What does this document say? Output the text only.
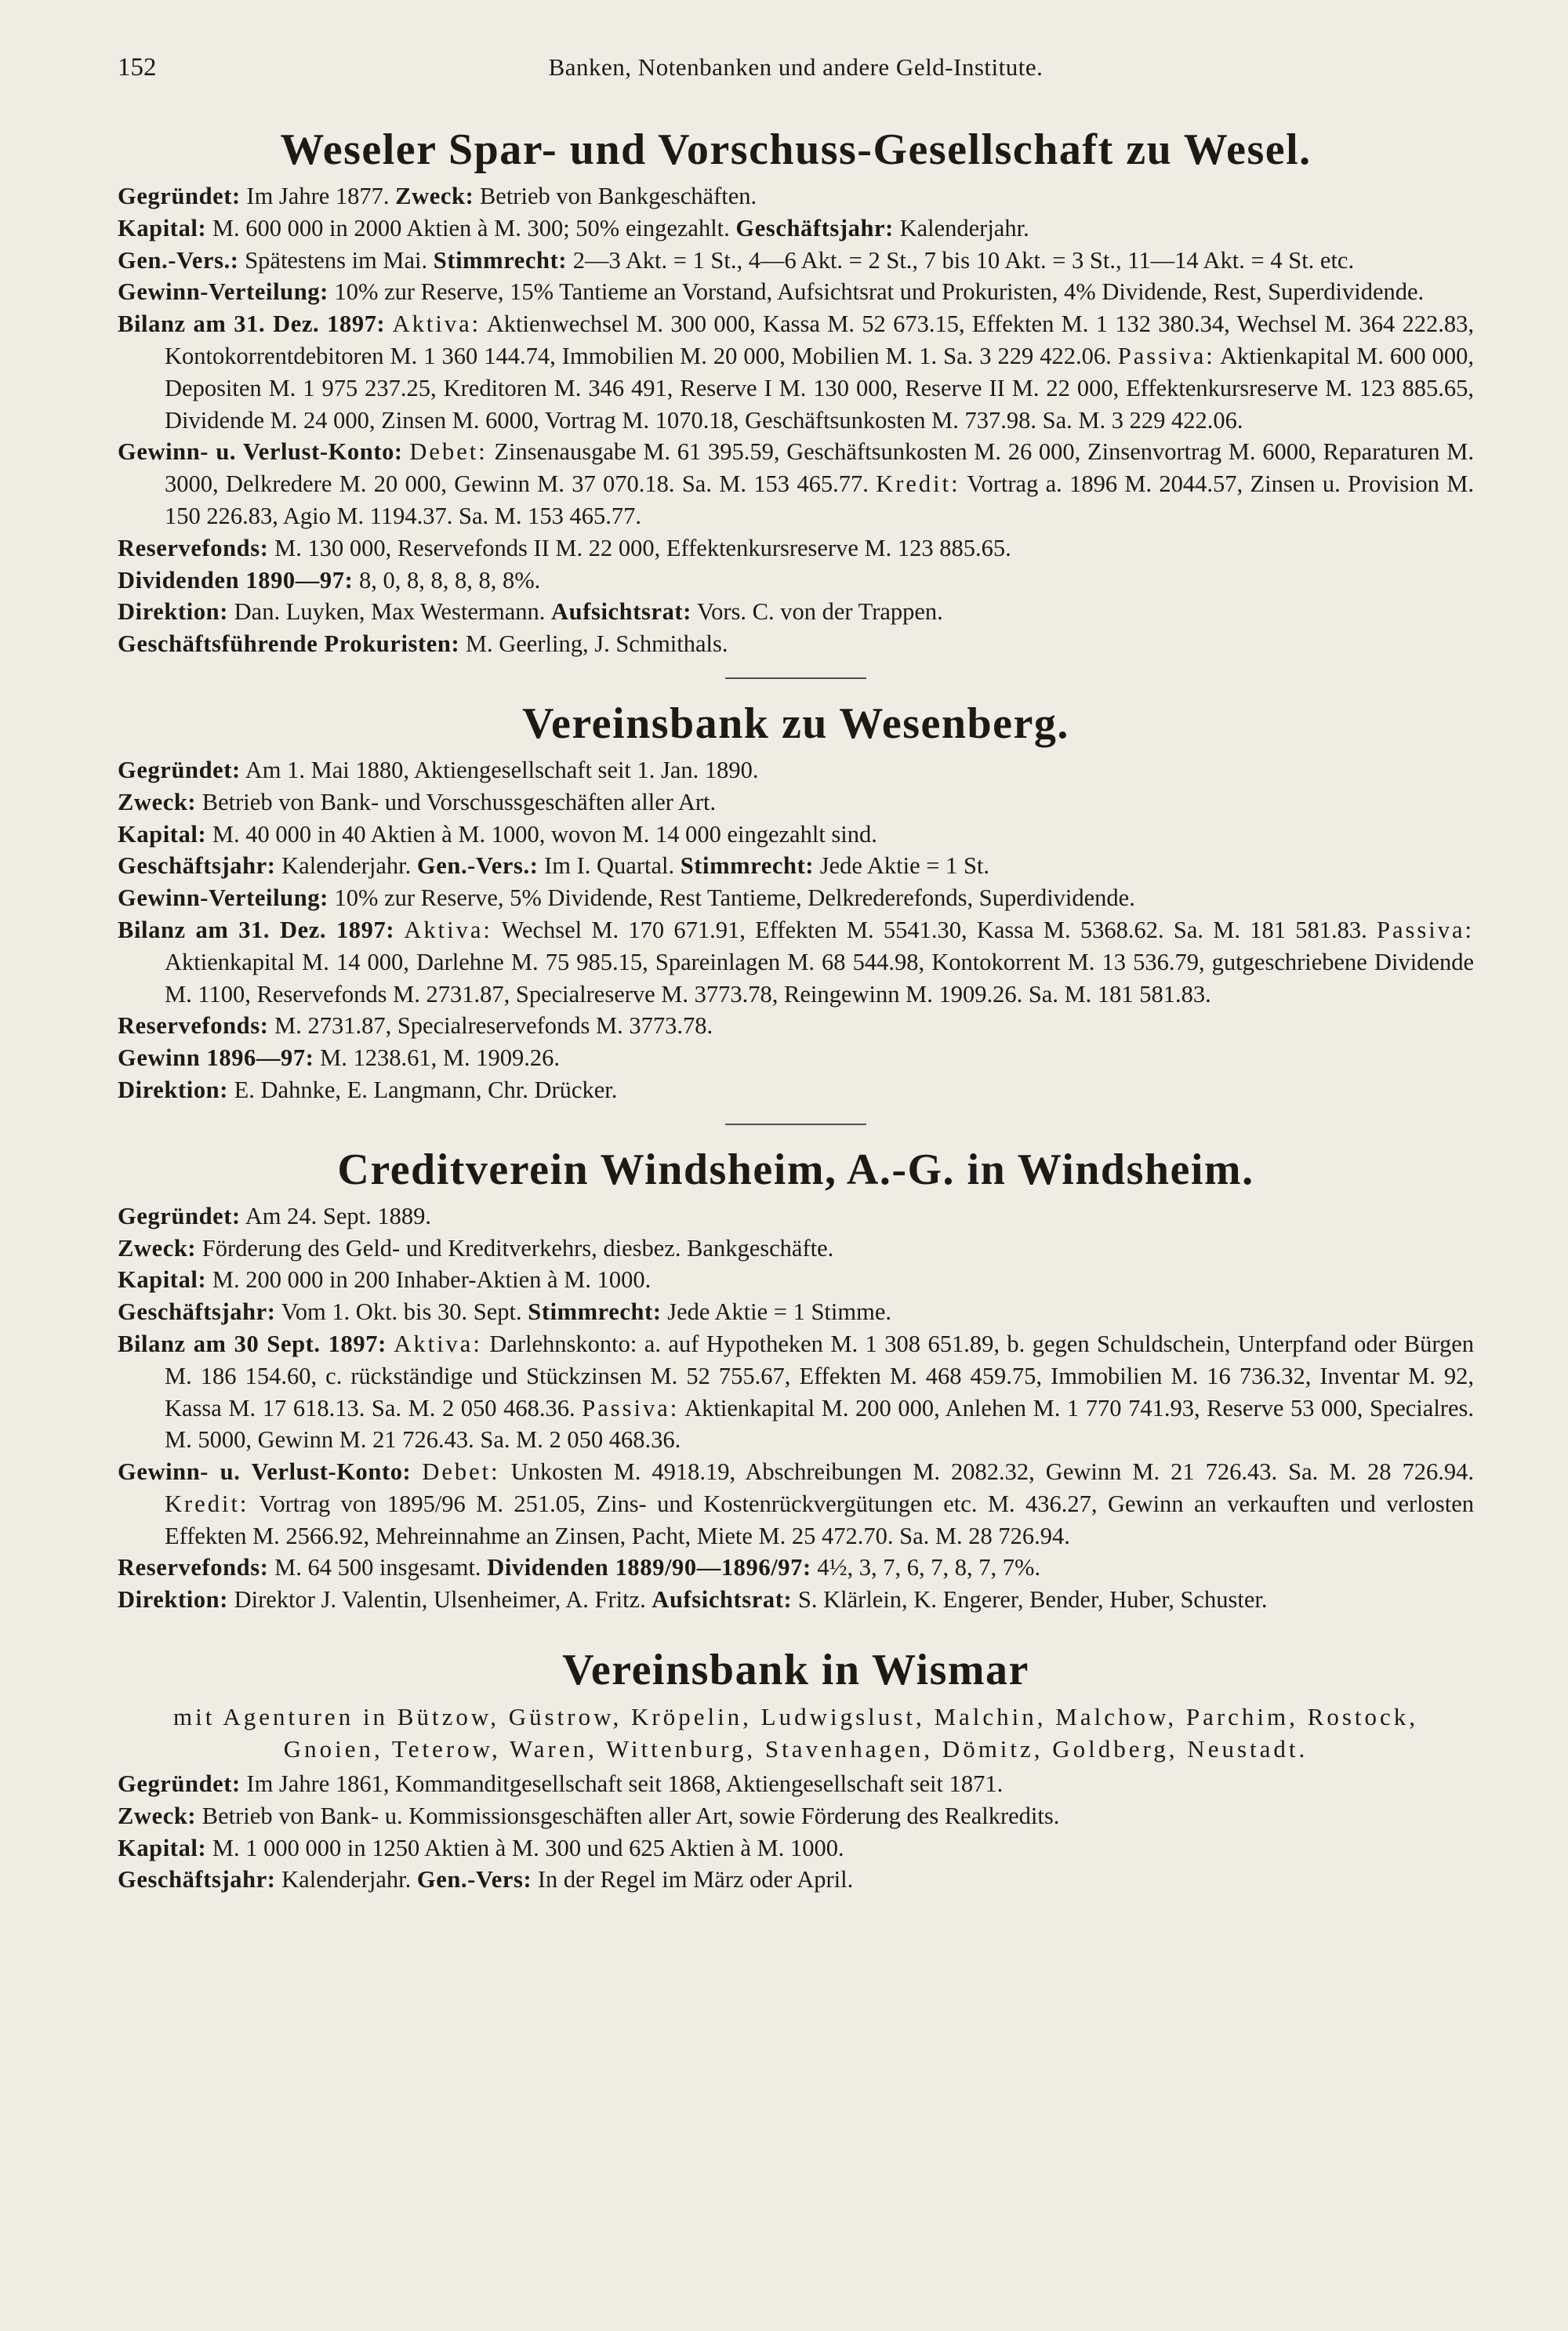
152	Banken, Notenbanken und andere Geld-Institute.
Weseler Spar- und Vorschuss-Gesellschaft zu Wesel.

Gegründet: Im Jahre 1877. Zweck: Betrieb von Bankgeschäften.

Kapital: M. 600 000 in 2000 Aktien à M. 300; 50% eingezahlt. Geschäftsjahr: Kalenderjahr.

Gen.-Vers.: Spätestens im Mai. Stimmrecht: 2—3 Akt. = 1 St., 4—6 Akt. = 2 St., 7 bis 10 Akt. = 3 St., 11—14 Akt. = 4 St. etc.

Gewinn-Verteilung: 10% zur Reserve, 15% Tantieme an Vorstand, Aufsichtsrat und Prokuristen, 4% Dividende, Rest, Superdividende.

Bilanz am 31. Dez. 1897: Aktiva: Aktienwechsel M. 300 000, Kassa M. 52 673.15, Effekten M. 1 132 380.34, Wechsel M. 364 222.83, Kontokorrentdebitoren M. 1 360 144.74, Immobilien M. 20 000, Mobilien M. 1. Sa. 3 229 422.06. Passiva: Aktienkapital M. 600 000, Depositen M. 1 975 237.25, Kreditoren M. 346 491, Reserve I M. 130 000, Reserve II M. 22 000, Effektenkursreserve M. 123 885.65, Dividende M. 24 000, Zinsen M. 6000, Vortrag M. 1070.18, Geschäftsunkosten M. 737.98. Sa. M. 3 229 422.06.

Gewinn- u. Verlust-Konto: Debet: Zinsenausgabe M. 61 395.59, Geschäftsunkosten M. 26 000, Zinsenvortrag M. 6000, Reparaturen M. 3000, Delkredere M. 20 000, Gewinn M. 37 070.18. Sa. M. 153 465.77. Kredit: Vortrag a. 1896 M. 2044.57, Zinsen u. Provision M. 150 226.83, Agio M. 1194.37. Sa. M. 153 465.77.

Reservefonds: M. 130 000, Reservefonds II M. 22 000, Effektenkursreserve M. 123 885.65.

Dividenden 1890—97: 8, 0, 8, 8, 8, 8, 8%.

Direktion: Dan. Luyken, Max Westermann. Aufsichtsrat: Vors. C. von der Trappen.

Geschäftsführende Prokuristen: M. Geerling, J. Schmithals.

Vereinsbank zu Wesenberg.

Gegründet: Am 1. Mai 1880, Aktiengesellschaft seit 1. Jan. 1890.

Zweck: Betrieb von Bank- und Vorschussgeschäften aller Art.

Kapital: M. 40 000 in 40 Aktien à M. 1000, wovon M. 14 000 eingezahlt sind.

Geschäftsjahr: Kalenderjahr. Gen.-Vers.: Im I. Quartal. Stimmrecht: Jede Aktie = 1 St.

Gewinn-Verteilung: 10% zur Reserve, 5% Dividende, Rest Tantieme, Delkrederefonds, Superdividende.

Bilanz am 31. Dez. 1897: Aktiva: Wechsel M. 170 671.91, Effekten M. 5541.30, Kassa M. 5368.62. Sa. M. 181 581.83. Passiva: Aktienkapital M. 14 000, Darlehne M. 75 985.15, Spareinlagen M. 68 544.98, Kontokorrent M. 13 536.79, gutgeschriebene Dividende M. 1100, Reservefonds M. 2731.87, Specialreserve M. 3773.78, Reingewinn M. 1909.26. Sa. M. 181 581.83.

Reservefonds: M. 2731.87, Specialreservefonds M. 3773.78.

Gewinn 1896—97: M. 1238.61, M. 1909.26.

Direktion: E. Dahnke, E. Langmann, Chr. Drücker.

Creditverein Windsheim, A.-G. in Windsheim.

Gegründet: Am 24. Sept. 1889.

Zweck: Förderung des Geld- und Kreditverkehrs, diesbez. Bankgeschäfte.

Kapital: M. 200 000 in 200 Inhaber-Aktien à M. 1000.

Geschäftsjahr: Vom 1. Okt. bis 30. Sept. Stimmrecht: Jede Aktie = 1 Stimme.

Bilanz am 30 Sept. 1897: Aktiva: Darlehnskonto: a. auf Hypotheken M. 1 308 651.89, b. gegen Schuldschein, Unterpfand oder Bürgen M. 186 154.60, c. rückständige und Stückzinsen M. 52 755.67, Effekten M. 468 459.75, Immobilien M. 16 736.32, Inventar M. 92, Kassa M. 17 618.13. Sa. M. 2 050 468.36. Passiva: Aktienkapital M. 200 000, Anlehen M. 1 770 741.93, Reserve 53 000, Specialres. M. 5000, Gewinn M. 21 726.43. Sa. M. 2 050 468.36.

Gewinn- u. Verlust-Konto: Debet: Unkosten M. 4918.19, Abschreibungen M. 2082.32, Gewinn M. 21 726.43. Sa. M. 28 726.94. Kredit: Vortrag von 1895/96 M. 251.05, Zins- und Kostenrückvergütungen etc. M. 436.27, Gewinn an verkauften und verlosten Effekten M. 2566.92, Mehreinnahme an Zinsen, Pacht, Miete M. 25 472.70. Sa. M. 28 726.94.

Reservefonds: M. 64 500 insgesamt. Dividenden 1889/90—1896/97: 4½, 3, 7, 6, 7, 8, 7, 7%.

Direktion: Direktor J. Valentin, Ulsenheimer, A. Fritz. Aufsichtsrat: S. Klärlein, K. Engerer, Bender, Huber, Schuster.

Vereinsbank in Wismar
mit Agenturen in Bützow, Güstrow, Kröpelin, Ludwigslust, Malchin, Malchow, Parchim, Rostock, Gnoien, Teterow, Waren, Wittenburg, Stavenhagen, Dömitz, Goldberg, Neustadt.

Gegründet: Im Jahre 1861, Kommanditgesellschaft seit 1868, Aktiengesellschaft seit 1871.

Zweck: Betrieb von Bank- u. Kommissionsgeschäften aller Art, sowie Förderung des Realkredits.

Kapital: M. 1 000 000 in 1250 Aktien à M. 300 und 625 Aktien à M. 1000.

Geschäftsjahr: Kalenderjahr. Gen.-Vers: In der Regel im März oder April.
